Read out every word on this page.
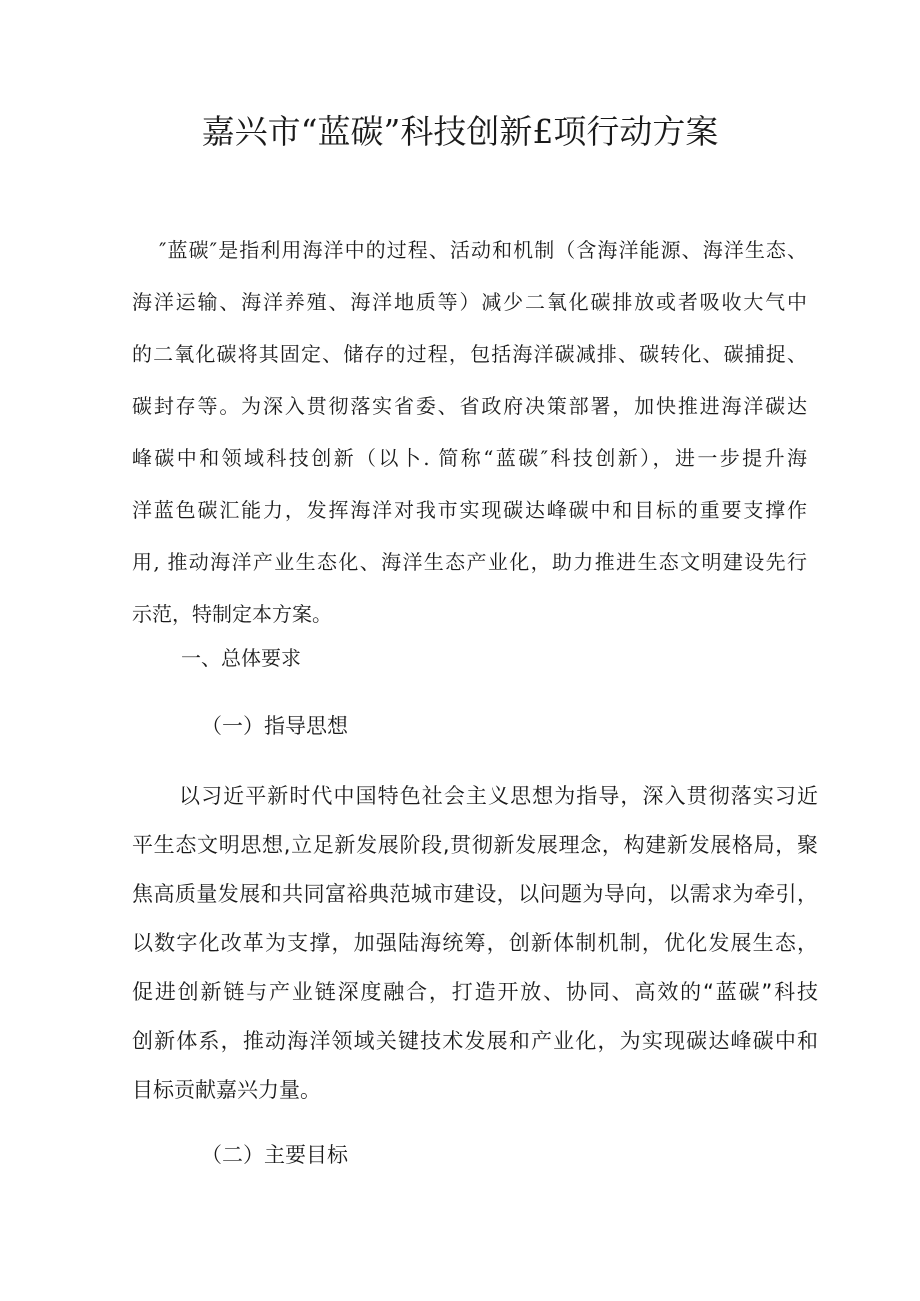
嘉兴市“蓝碳”科技创新£项行动方案
″蓝碳″是指利用海洋中的过程、活动和机制（含海洋能源、海洋生态、
海洋运输、海洋养殖、海洋地质等）减少二氧化碳排放或者吸收大气中
的二氧化碳将其固定、储存的过程，包括海洋碳减排、碳转化、碳捕捉、
碳封存等。为深入贯彻落实省委、省政府决策部署，加快推进海洋碳达
峰碳中和领域科技创新（以卜. 简称“蓝碳″科技创新），进一步提升海
洋蓝色碳汇能力，发挥海洋对我市实现碳达峰碳中和目标的重要支撑作
用, 推动海洋产业生态化、海洋生态产业化，助力推进生态文明建设先行
示范，特制定本方案。
一、总体要求
（一）指导思想
以习近平新时代中国特色社会主义思想为指导，深入贯彻落实习近
平生态文明思想,立足新发展阶段,贯彻新发展理念，构建新发展格局，聚
焦高质量发展和共同富裕典范城市建设，以问题为导向，以需求为牵引，
以数字化改革为支撑，加强陆海统筹，创新体制机制，优化发展生态，
促进创新链与产业链深度融合，打造开放、协同、高效的“蓝碳”科技
创新体系，推动海洋领域关键技术发展和产业化，为实现碳达峰碳中和
目标贡献嘉兴力量。
（二）主要目标
